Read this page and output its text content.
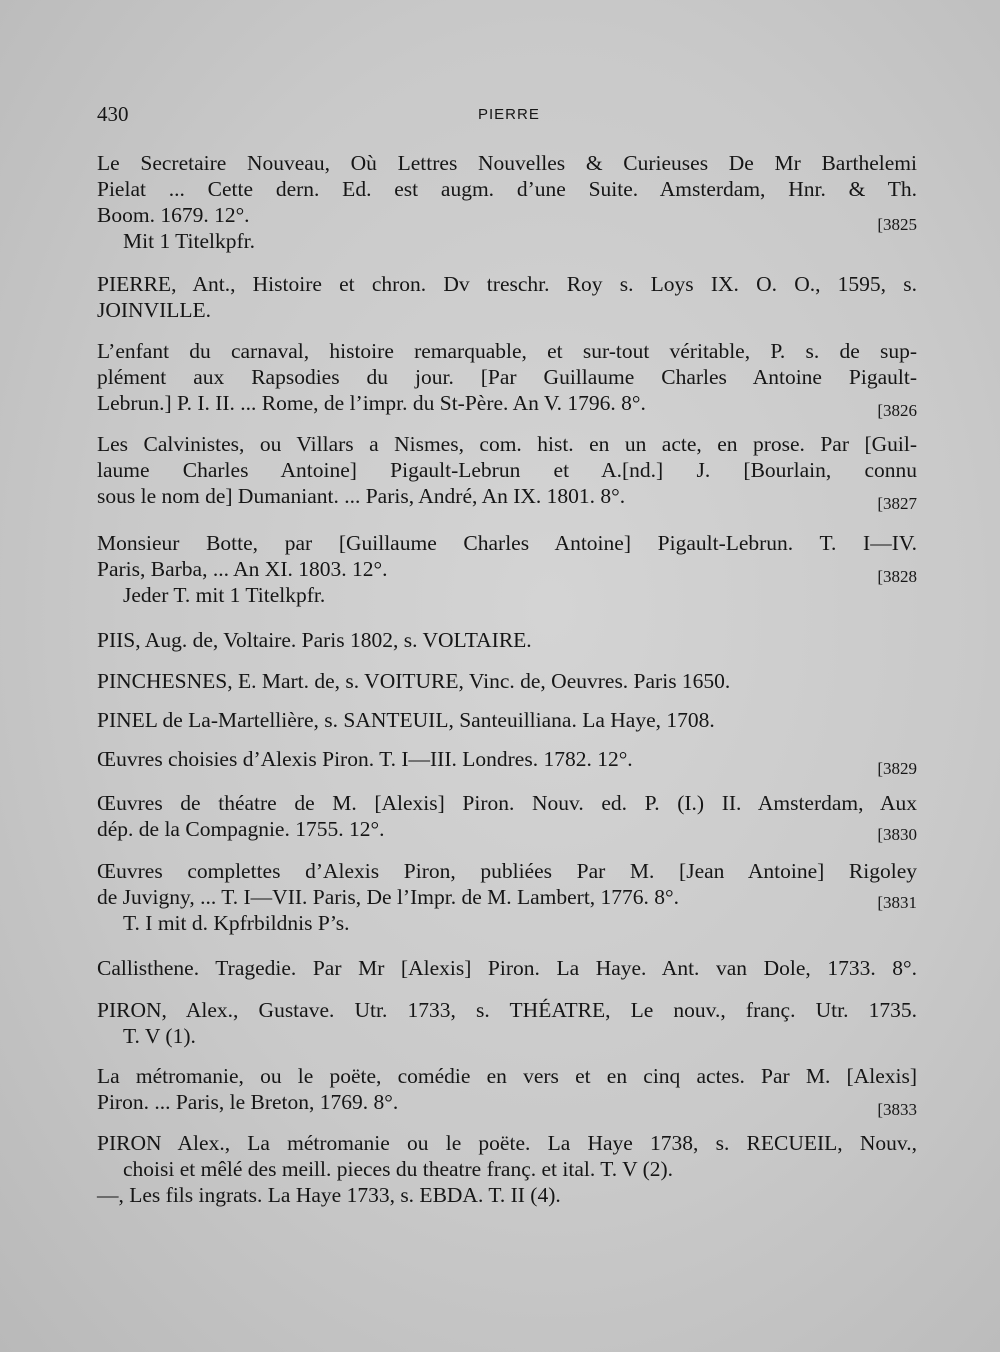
430	PIERRE
Le Secretaire Nouveau, Où Lettres Nouvelles & Curieuses De Mr Barthelemi
Pielat ... Cette dern. Ed. est augm. d’une Suite. Amsterdam, Hnr. & Th.
Boom. 1679. 12°.
Mit 1 Titelkpfr.
[3825
PIERRE, Ant., Histoire et chron. Dv treschr. Roy s. Loys IX. O. O., 1595, s.
JOINVILLE.
L’enfant du carnaval, histoire remarquable, et sur-tout véritable, P. s. de sup-
plément aux Rapsodies du jour. [Par Guillaume Charles Antoine Pigault-
Lebrun.] P. I. II. ... Rome, de l’impr. du St-Père. An V. 1796. 8°.	[3826
Les Calvinistes, ou Villars a Nismes, com. hist. en un acte, en prose. Par [Guil-
laume Charles Antoine] Pigault-Lebrun et A.[nd.] J. [Bourlain, connu
sous le nom de] Dumaniant. ... Paris, André, An IX. 1801. 8°.	[3827
Monsieur Botte, par [Guillaume Charles Antoine] Pigault-Lebrun. T. I—IV.
Paris, Barba, ... An XI. 1803. 12°.
Jeder T. mit 1 Titelkpfr.
[3828
PIIS, Aug. de, Voltaire. Paris 1802, s. VOLTAIRE.
PINCHESNES, E. Mart. de, s. VOITURE, Vinc. de, Oeuvres. Paris 1650.
PINEL de La-Martellière, s. SANTEUIL, Santeuilliana. La Haye, 1708.
Œuvres choisies d’Alexis Piron. T. I—III. Londres. 1782. 12°.	[3829
Œuvres de théatre de M. [Alexis] Piron. Nouv. ed. P. (I.) II. Amsterdam, Aux
dép. de la Compagnie. 1755. 12°.	[3830
Œuvres complettes d’Alexis Piron, publiées Par M. [Jean Antoine] Rigoley
de Juvigny, ... T. I—VII. Paris, De l’Impr. de M. Lambert, 1776. 8°.
T. I mit d. Kpfrbildnis P’s.
[3831
Callisthene. Tragedie. Par Mr [Alexis] Piron. La Haye. Ant. van Dole, 1733. 8°.
PIRON, Alex., Gustave. Utr. 1733, s. THÉATRE, Le nouv., franç. Utr. 1735.
T. V (1).
La métromanie, ou le poëte, comédie en vers et en cinq actes. Par M. [Alexis]
Piron. ... Paris, le Breton, 1769. 8°.	[3833
PIRON Alex., La métromanie ou le poëte. La Haye 1738, s. RECUEIL, Nouv.,
choisi et mêlé des meill. pieces du theatre franç. et ital. T. V (2).
—, Les fils ingrats. La Haye 1733, s. EBDA. T. II (4).
